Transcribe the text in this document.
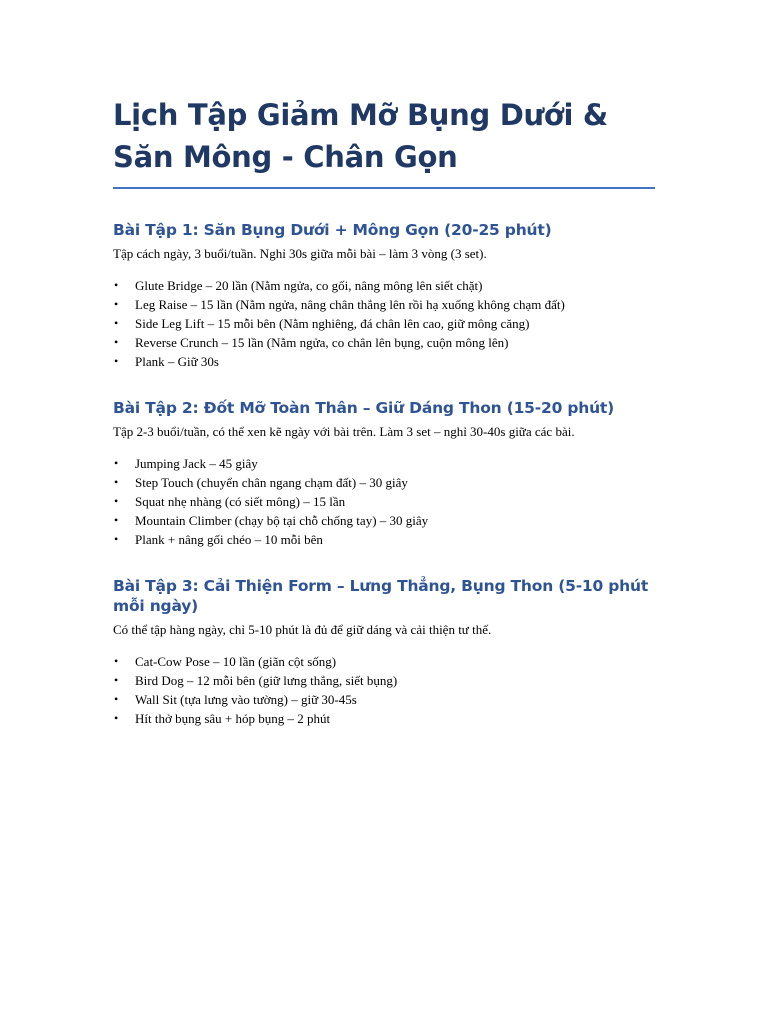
Lịch Tập Giảm Mỡ Bụng Dưới & Săn Mông - Chân Gọn
Bài Tập 1: Săn Bụng Dưới + Mông Gọn (20-25 phút)

Tập cách ngày, 3 buổi/tuần. Nghỉ 30s giữa mỗi bài – làm 3 vòng (3 set).

• Glute Bridge – 20 lần (Nằm ngửa, co gối, nâng mông lên siết chặt)
• Leg Raise – 15 lần (Nằm ngửa, nâng chân thẳng lên rồi hạ xuống không chạm đất)
• Side Leg Lift – 15 mỗi bên (Nằm nghiêng, đá chân lên cao, giữ mông căng)
• Reverse Crunch – 15 lần (Nằm ngửa, co chân lên bụng, cuộn mông lên)
• Plank – Giữ 30s
Bài Tập 2: Đốt Mỡ Toàn Thân – Giữ Dáng Thon (15-20 phút)

Tập 2-3 buổi/tuần, có thể xen kẽ ngày với bài trên. Làm 3 set – nghỉ 30-40s giữa các bài.

• Jumping Jack – 45 giây
• Step Touch (chuyển chân ngang chạm đất) – 30 giây
• Squat nhẹ nhàng (có siết mông) – 15 lần
• Mountain Climber (chạy bộ tại chỗ chống tay) – 30 giây
• Plank + nâng gối chéo – 10 mỗi bên
Bài Tập 3: Cải Thiện Form – Lưng Thẳng, Bụng Thon (5-10 phút mỗi ngày)

Có thể tập hàng ngày, chỉ 5-10 phút là đủ để giữ dáng và cải thiện tư thế.

• Cat-Cow Pose – 10 lần (giãn cột sống)
• Bird Dog – 12 mỗi bên (giữ lưng thẳng, siết bụng)
• Wall Sit (tựa lưng vào tường) – giữ 30-45s
• Hít thở bụng sâu + hóp bụng – 2 phút
